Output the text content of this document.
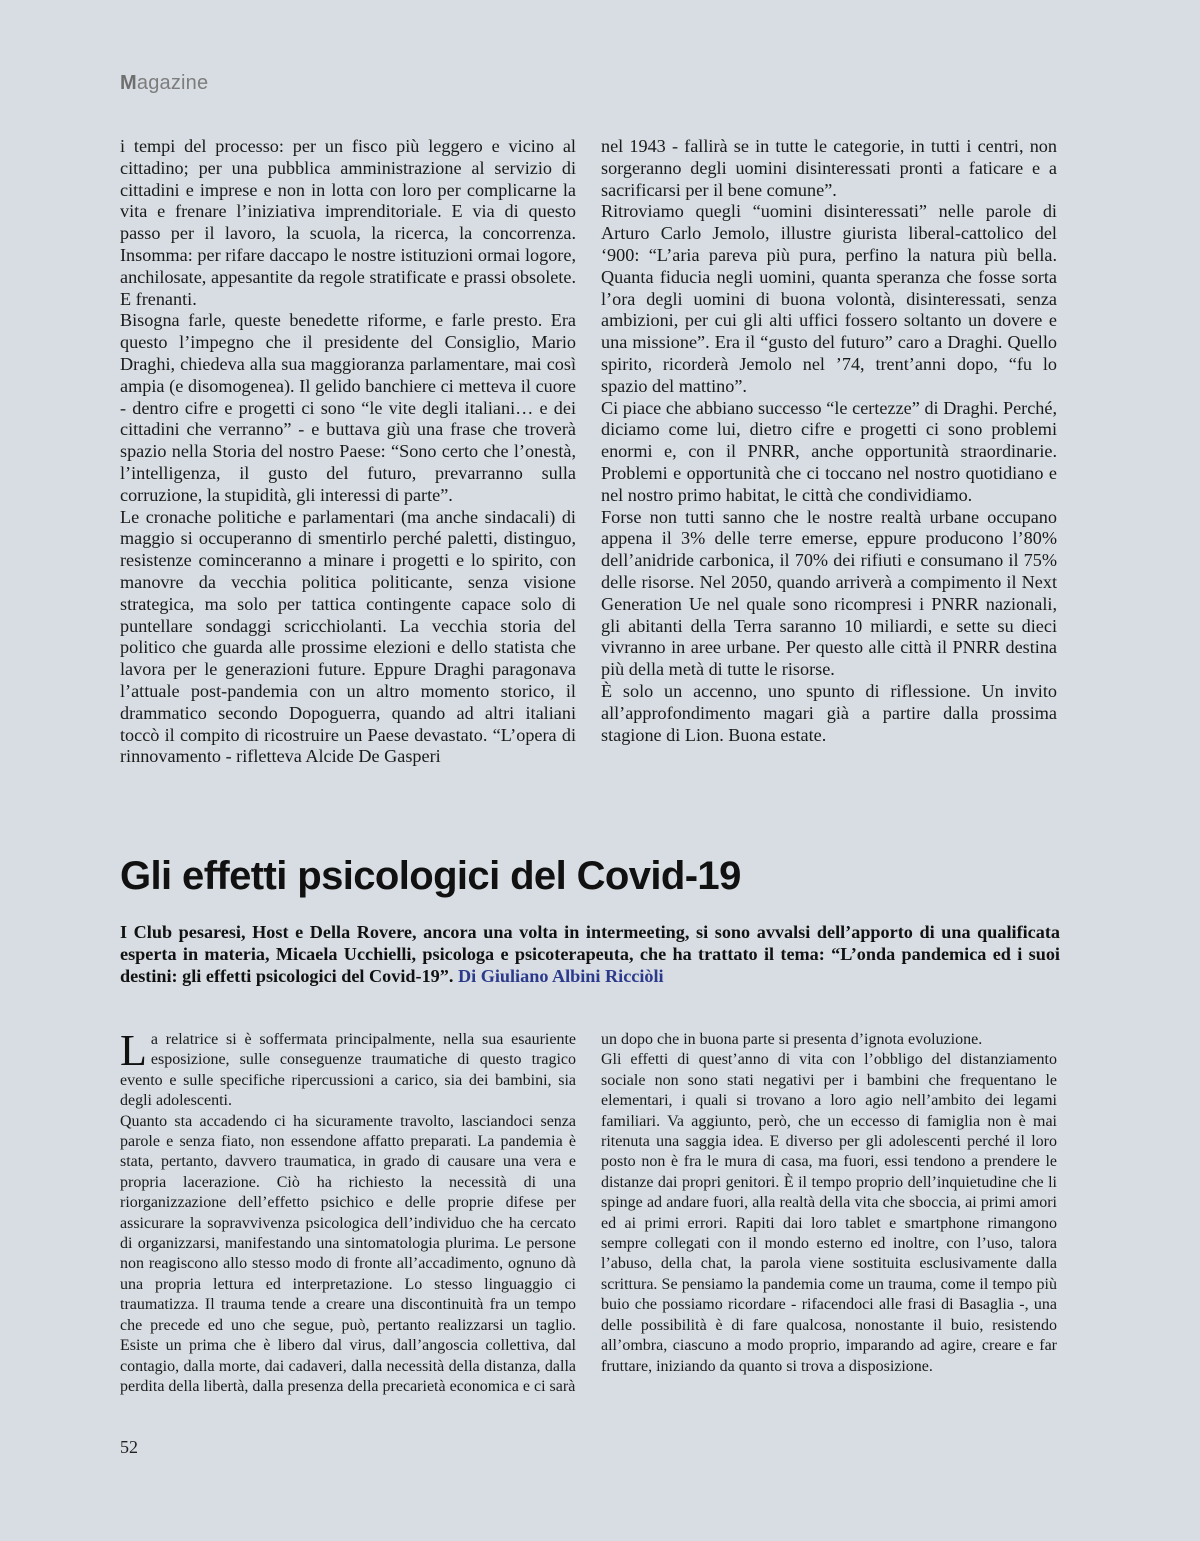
Magazine

i tempi del processo: per un fisco più leggero e vicino al cittadino; per una pubblica amministrazione al servizio di cittadini e imprese e non in lotta con loro per complicarne la vita e frenare l’iniziativa imprenditoriale. E via di questo passo per il lavoro, la scuola, la ricerca, la concorrenza. Insomma: per rifare daccapo le nostre istituzioni ormai logore, anchilosate, appesantite da regole stratificate e prassi obsolete. E frenanti.

Bisogna farle, queste benedette riforme, e farle presto. Era questo l’impegno che il presidente del Consiglio, Mario Draghi, chiedeva alla sua maggioranza parlamentare, mai così ampia (e disomogenea). Il gelido banchiere ci metteva il cuore - dentro cifre e progetti ci sono “le vite degli italiani… e dei cittadini che verranno” - e buttava giù una frase che troverà spazio nella Storia del nostro Paese: “Sono certo che l’onestà, l’intelligenza, il gusto del futuro, prevarranno sulla corruzione, la stupidità, gli interessi di parte”.

Le cronache politiche e parlamentari (ma anche sindacali) di maggio si occuperanno di smentirlo perché paletti, distinguo, resistenze cominceranno a minare i progetti e lo spirito, con manovre da vecchia politica politicante, senza visione strategica, ma solo per tattica contingente capace solo di puntellare sondaggi scricchiolanti. La vecchia storia del politico che guarda alle prossime elezioni e dello statista che lavora per le generazioni future. Eppure Draghi paragonava l’attuale post-pandemia con un altro momento storico, il drammatico secondo Dopoguerra, quando ad altri italiani toccò il compito di ricostruire un Paese devastato. “L’opera di rinnovamento - rifletteva Alcide De Gasperi

nel 1943 - fallirà se in tutte le categorie, in tutti i centri, non sorgeranno degli uomini disinteressati pronti a faticare e a sacrificarsi per il bene comune”.

Ritroviamo quegli “uomini disinteressati” nelle parole di Arturo Carlo Jemolo, illustre giurista liberal-cattolico del ‘900: “L’aria pareva più pura, perfino la natura più bella. Quanta fiducia negli uomini, quanta speranza che fosse sorta l’ora degli uomini di buona volontà, disinteressati, senza ambizioni, per cui gli alti uffici fossero soltanto un dovere e una missione”. Era il “gusto del futuro” caro a Draghi. Quello spirito, ricorderà Jemolo nel ’74, trent’anni dopo, “fu lo spazio del mattino”.

Ci piace che abbiano successo “le certezze” di Draghi. Perché, diciamo come lui, dietro cifre e progetti ci sono problemi enormi e, con il PNRR, anche opportunità straordinarie. Problemi e opportunità che ci toccano nel nostro quotidiano e nel nostro primo habitat, le città che condividiamo.

Forse non tutti sanno che le nostre realtà urbane occupano appena il 3% delle terre emerse, eppure producono l’80% dell’anidride carbonica, il 70% dei rifiuti e consumano il 75% delle risorse. Nel 2050, quando arriverà a compimento il Next Generation Ue nel quale sono ricompresi i PNRR nazionali, gli abitanti della Terra saranno 10 miliardi, e sette su dieci vivranno in aree urbane. Per questo alle città il PNRR destina più della metà di tutte le risorse.

È solo un accenno, uno spunto di riflessione. Un invito all’approfondimento magari già a partire dalla prossima stagione di Lion. Buona estate.

Gli effetti psicologici del Covid-19
I Club pesaresi, Host e Della Rovere, ancora una volta in intermeeting, si sono avvalsi dell’apporto di una qualificata esperta in materia, Micaela Ucchielli, psicologa e psicoterapeuta, che ha trattato il tema: “L’onda pandemica ed i suoi destini: gli effetti psicologici del Covid-19”. Di Giuliano Albini Ricciòli

La relatrice si è soffermata principalmente, nella sua esauriente esposizione, sulle conseguenze traumatiche di questo tragico evento e sulle specifiche ripercussioni a carico, sia dei bambini, sia degli adolescenti.

Quanto sta accadendo ci ha sicuramente travolto, lasciandoci senza parole e senza fiato, non essendone affatto preparati. La pandemia è stata, pertanto, davvero traumatica, in grado di causare una vera e propria lacerazione. Ciò ha richiesto la necessità di una riorganizzazione dell’effetto psichico e delle proprie difese per assicurare la sopravvivenza psicologica dell’individuo che ha cercato di organizzarsi, manifestando una sintomatologia plurima. Le persone non reagiscono allo stesso modo di fronte all’accadimento, ognuno dà una propria lettura ed interpretazione. Lo stesso linguaggio ci traumatizza. Il trauma tende a creare una discontinuità fra un tempo che precede ed uno che segue, può, pertanto realizzarsi un taglio. Esiste un prima che è libero dal virus, dall’angoscia collettiva, dal contagio, dalla morte, dai cadaveri, dalla necessità della distanza, dalla perdita della libertà, dalla presenza della precarietà economica e ci sarà

un dopo che in buona parte si presenta d’ignota evoluzione.

Gli effetti di quest’anno di vita con l’obbligo del distanziamento sociale non sono stati negativi per i bambini che frequentano le elementari, i quali si trovano a loro agio nell’ambito dei legami familiari. Va aggiunto, però, che un eccesso di famiglia non è mai ritenuta una saggia idea. E diverso per gli adolescenti perché il loro posto non è fra le mura di casa, ma fuori, essi tendono a prendere le distanze dai propri genitori. È il tempo proprio dell’inquietudine che li spinge ad andare fuori, alla realtà della vita che sboccia, ai primi amori ed ai primi errori. Rapiti dai loro tablet e smartphone rimangono sempre collegati con il mondo esterno ed inoltre, con l’uso, talora l’abuso, della chat, la parola viene sostituita esclusivamente dalla scrittura. Se pensiamo la pandemia come un trauma, come il tempo più buio che possiamo ricordare - rifacendoci alle frasi di Basaglia -, una delle possibilità è di fare qualcosa, nonostante il buio, resistendo all’ombra, ciascuno a modo proprio, imparando ad agire, creare e far fruttare, iniziando da quanto si trova a disposizione.

52
